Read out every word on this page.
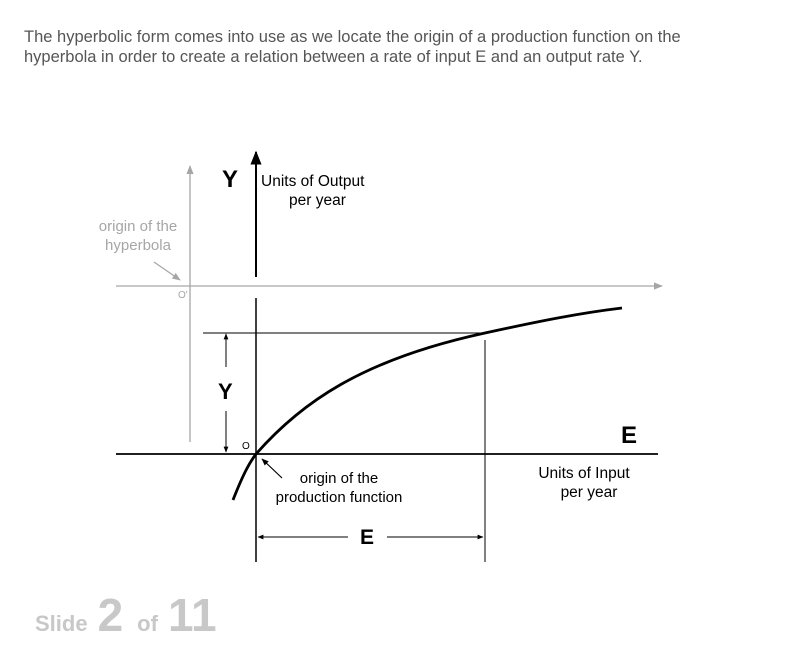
The hyperbolic form comes into use as we locate the origin of a production function on the

hyperbola in order to create a relation between a rate of input E and an output rate Y.

Y Units of Output
per year
origin of the
hyperbola
O'
Y
O	E
Units of Input
per year
origin of the
production function
E
Slide 2 of 11
